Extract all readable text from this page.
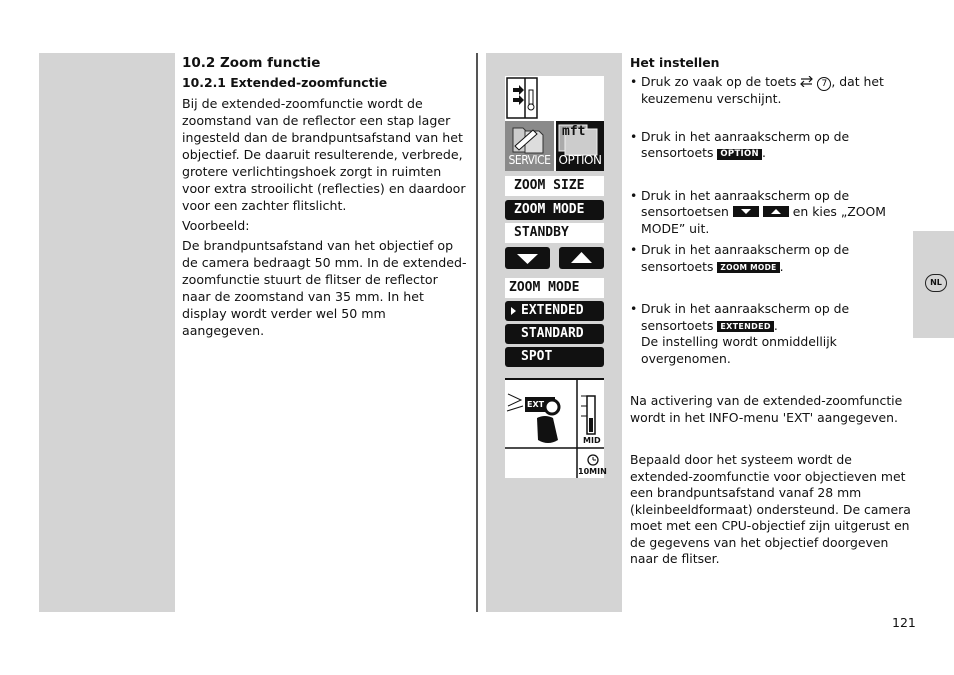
NL
10.2 Zoom functie
10.2.1 Extended-zoomfunctie

Bij de extended-zoomfunctie wordt de zoomstand van de reflector een stap lager ingesteld dan de brandpuntsafstand van het objectief. De daaruit resulterende, verbrede, grotere verlichtingshoek zorgt in ruimten voor extra strooilicht (reflecties) en daardoor voor een zachter flitslicht.

Voorbeeld:

De brandpuntsafstand van het objectief op de camera bedraagt 50 mm. In de extended-zoomfunctie stuurt de flitser de reflector naar de zoomstand van 35 mm. In het display wordt verder wel 50 mm aangegeven.

mft
SERVICE OPTION
ZOOM SIZE
ZOOM MODE
STANDBY
ZOOM MODE
EXTENDED
STANDARD
SPOT
EXT
MID
10MIN
Het instellen

• Druk zo vaak op de toets	7 , dat het keuzemenu verschijnt.

• Druk in het aanraakscherm op de sensortoets OPTION .

• Druk in het aanraakscherm op de sensortoetsen	en kies „ZOOM MODE” uit.

• Druk in het aanraakscherm op de sensortoets ZOOM MODE .

• Druk in het aanraakscherm op de sensortoets EXTENDED .
De instelling wordt onmiddellijk overgenomen.

Na activering van de extended-zoomfunctie wordt in het INFO-menu 'EXT' aangegeven.

Bepaald door het systeem wordt de extended-zoomfunctie voor objectieven met een brandpuntsafstand vanaf 28 mm (kleinbeeldformaat) ondersteund. De camera moet met een CPU-objectief zijn uitgerust en de gegevens van het objectief doorgeven naar de flitser.

121
